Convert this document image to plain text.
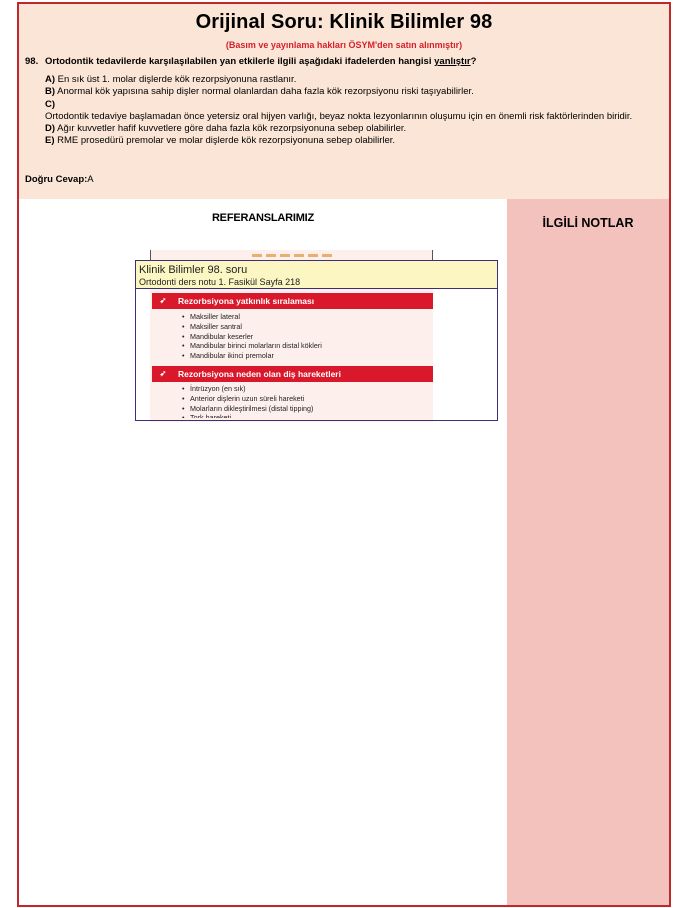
Orijinal Soru: Klinik Bilimler 98
(Basım ve yayınlama hakları ÖSYM'den satın alınmıştır)
98. Ortodontik tedavilerde karşılaşılabilen yan etkilerle ilgili aşağıdaki ifadelerden hangisi yanlıştır?
A) En sık üst 1. molar dişlerde kök rezorpsiyonuna rastlanır.
B) Anormal kök yapısına sahip dişler normal olanlardan daha fazla kök rezorpsiyonu riski taşıyabilirler.
C)
Ortodontik tedaviye başlamadan önce yetersiz oral hijyen varlığı, beyaz nokta lezyonlarının oluşumu için en önemli risk faktörlerinden biridir.
D) Ağır kuvvetler hafif kuvvetlere göre daha fazla kök rezorpsiyonuna sebep olabilirler.
E) RME prosedürü premolar ve molar dişlerde kök rezorpsiyonuna sebep olabilirler.
Doğru Cevap:A
REFERANSLARIMIZ
➶	Rezorbsiyona yatkınlık sıralaması
• Maksiller lateral
• Maksiller santral
• Mandibular keserler
• Mandibular birinci molarların distal kökleri
• Mandibular ikinci premolar
➶	Rezorbsiyona neden olan diş hareketleri
• İntrüzyon (en sık)
• Anterior dişlerin uzun süreli hareketi
• Molarların dikleştirilmesi (distal tipping)
•
Klinik Bilimler 98. soru
Ortodonti ders notu 1. Fasikül Sayfa 218
İLGİLİ NOTLAR
